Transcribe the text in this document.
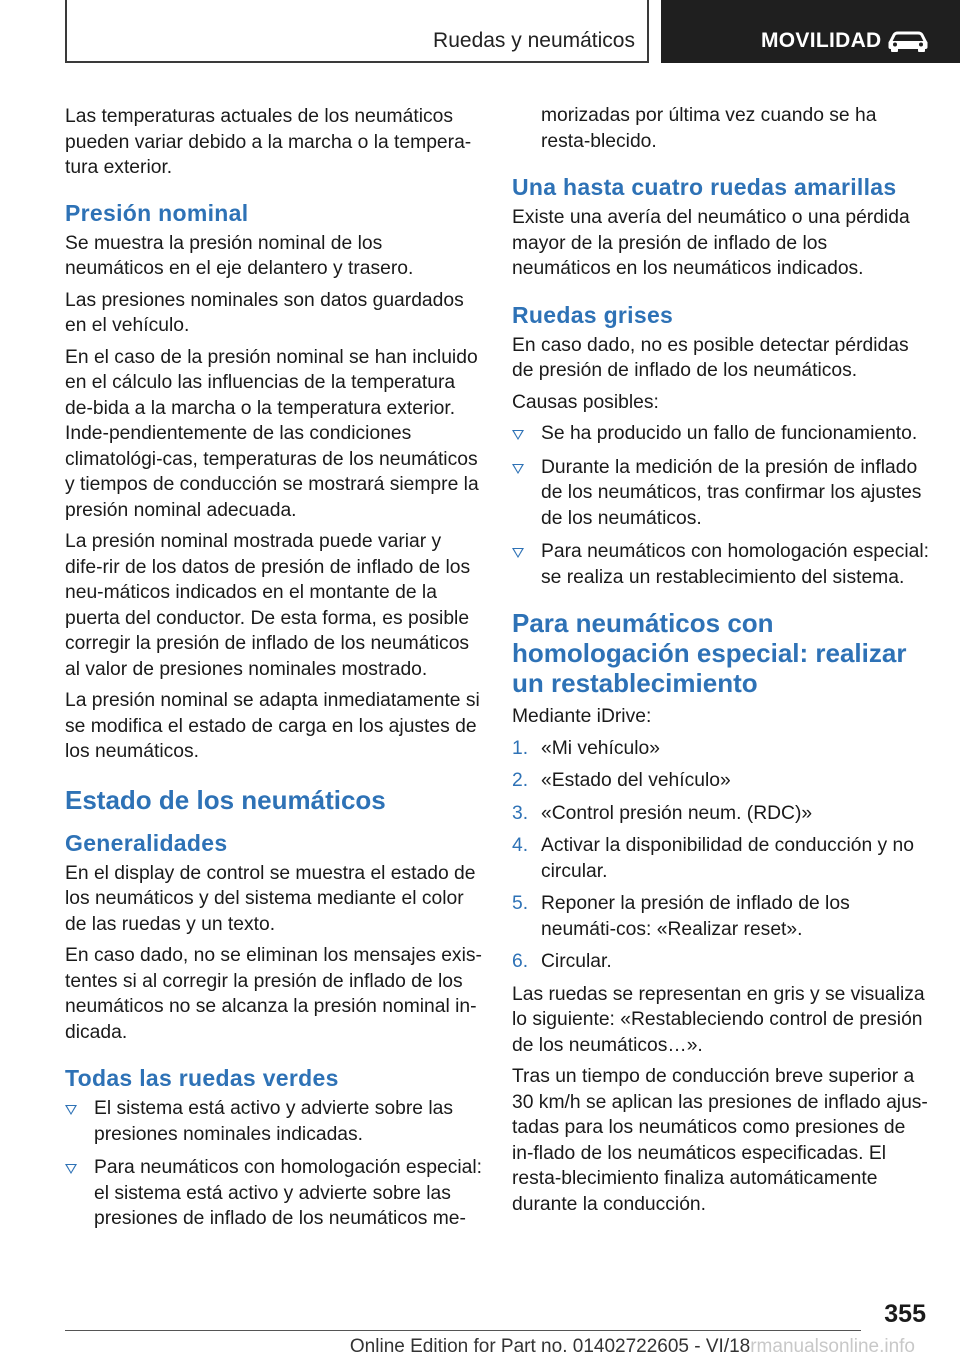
Ruedas y neumáticos	MOVILIDAD

Las temperaturas actuales de los neumáticos pueden variar debido a la marcha o la tempera-tura exterior.

Presión nominal

Se muestra la presión nominal de los neumáticos en el eje delantero y trasero.

Las presiones nominales son datos guardados en el vehículo.

En el caso de la presión nominal se han incluido en el cálculo las influencias de la temperatura de-bida a la marcha o la temperatura exterior. Inde-pendientemente de las condiciones climatológi-cas, temperaturas de los neumáticos y tiempos de conducción se mostrará siempre la presión nominal adecuada.

La presión nominal mostrada puede variar y dife-rir de los datos de presión de inflado de los neu-máticos indicados en el montante de la puerta del conductor. De esta forma, es posible corregir la presión de inflado de los neumáticos al valor de presiones nominales mostrado.

La presión nominal se adapta inmediatamente si se modifica el estado de carga en los ajustes de los neumáticos.

Estado de los neumáticos
Generalidades

En el display de control se muestra el estado de los neumáticos y del sistema mediante el color de las ruedas y un texto.

En caso dado, no se eliminan los mensajes exis-tentes si al corregir la presión de inflado de los neumáticos no se alcanza la presión nominal in-dicada.

Todas las ruedas verdes
El sistema está activo y advierte sobre las presiones nominales indicadas.
Para neumáticos con homologación especial: el sistema está activo y advierte sobre las presiones de inflado de los neumáticos me-

morizadas por última vez cuando se ha resta-blecido.

Una hasta cuatro ruedas amarillas

Existe una avería del neumático o una pérdida mayor de la presión de inflado de los neumáticos en los neumáticos indicados.

Ruedas grises

En caso dado, no es posible detectar pérdidas de presión de inflado de los neumáticos.

Causas posibles:

Se ha producido un fallo de funcionamiento.
Durante la medición de la presión de inflado de los neumáticos, tras confirmar los ajustes de los neumáticos.
Para neumáticos con homologación especial: se realiza un restablecimiento del sistema.
Para neumáticos con homologación especial: realizar un restablecimiento

Mediante iDrive:

1. «Mi vehículo»
2. «Estado del vehículo»
3. «Control presión neum. (RDC)»
4. Activar la disponibilidad de conducción y no circular.
5. Reponer la presión de inflado de los neumáti-cos: «Realizar reset».
6. Circular.

Las ruedas se representan en gris y se visualiza lo siguiente: «Restableciendo control de presión de los neumáticos…».

Tras un tiempo de conducción breve superior a 30 km/h se aplican las presiones de inflado ajus-tadas para los neumáticos como presiones de in-flado de los neumáticos especificadas. El resta-blecimiento finaliza automáticamente durante la conducción.

355
Online Edition for Part no. 01402722605 - VI/18rmanualsonline.info
